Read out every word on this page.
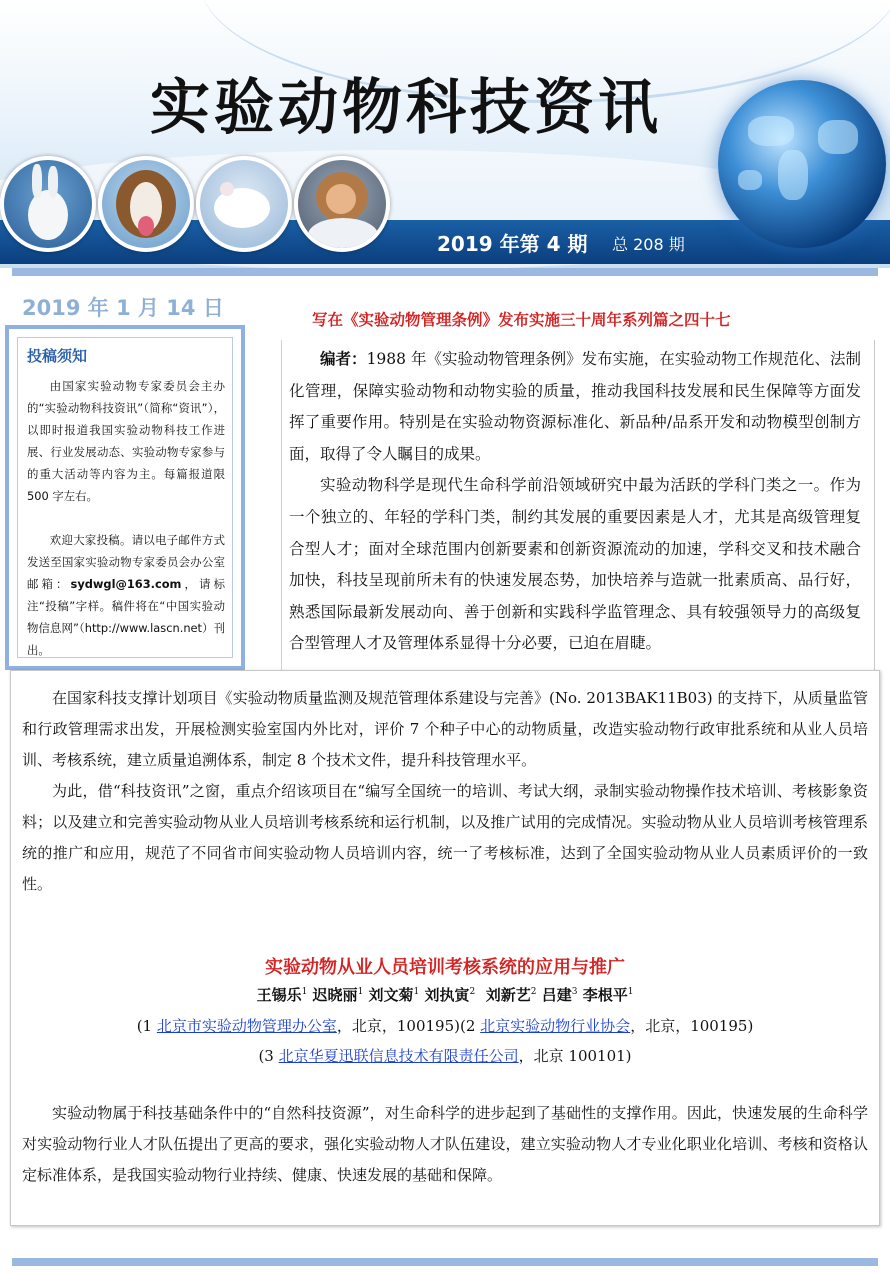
实验动物科技资讯
2019 年第 4 期 总 208 期
2019 年 1 月 14 日
投稿须知
由国家实验动物专家委员会主办的“实验动物科技资讯”（简称“资讯”），以即时报道我国实验动物科技工作进展、行业发展动态、实验动物专家参与的重大活动等内容为主。每篇报道限 500 字左右。
欢迎大家投稿。请以电子邮件方式发送至国家实验动物专家委员会办公室邮箱：sydwgl@163.com，请标注“投稿”字样。稿件将在“中国实验动物信息网”（http://www.lascn.net）刊出。
写在《实验动物管理条例》发布实施三十周年系列篇之四十七

编者：1988 年《实验动物管理条例》发布实施，在实验动物工作规范化、法制化管理，保障实验动物和动物实验的质量，推动我国科技发展和民生保障等方面发挥了重要作用。特别是在实验动物资源标准化、新品种/品系开发和动物模型创制方面，取得了令人瞩目的成果。

实验动物科学是现代生命科学前沿领域研究中最为活跃的学科门类之一。作为一个独立的、年轻的学科门类，制约其发展的重要因素是人才，尤其是高级管理复合型人才；面对全球范围内创新要素和创新资源流动的加速，学科交叉和技术融合加快，科技呈现前所未有的快速发展态势，加快培养与造就一批素质高、品行好，熟悉国际最新发展动向、善于创新和实践科学监管理念、具有较强领导力的高级复合型管理人才及管理体系显得十分必要，已迫在眉睫。

在国家科技支撑计划项目《实验动物质量监测及规范管理体系建设与完善》(No. 2013BAK11B03) 的支持下，从质量监管和行政管理需求出发，开展检测实验室国内外比对，评价 7 个种子中心的动物质量，改造实验动物行政审批系统和从业人员培训、考核系统，建立质量追溯体系，制定 8 个技术文件，提升科技管理水平。

为此，借“科技资讯”之窗，重点介绍该项目在“编写全国统一的培训、考试大纲，录制实验动物操作技术培训、考核影象资料；以及建立和完善实验动物从业人员培训考核系统和运行机制，以及推广试用的完成情况。实验动物从业人员培训考核管理系统的推广和应用，规范了不同省市间实验动物人员培训内容，统一了考核标准，达到了全国实验动物从业人员素质评价的一致性。

实验动物从业人员培训考核系统的应用与推广
王锡乐$^1$ 迟晓丽$^1$ 刘文菊$^1$ 刘执寅$^2$ 刘新艺$^2$ 吕建$^3$ 李根平$^1$
(1 北京市实验动物管理办公室，北京，100195)(2 北京实验动物行业协会，北京，100195)
(3 北京华夏迅联信息技术有限责任公司，北京 100101)

实验动物属于科技基础条件中的“自然科技资源”，对生命科学的进步起到了基础性的支撑作用。因此，快速发展的生命科学对实验动物行业人才队伍提出了更高的要求，强化实验动物人才队伍建设，建立实验动物人才专业化职业化培训、考核和资格认定标准体系，是我国实验动物行业持续、健康、快速发展的基础和保障。
